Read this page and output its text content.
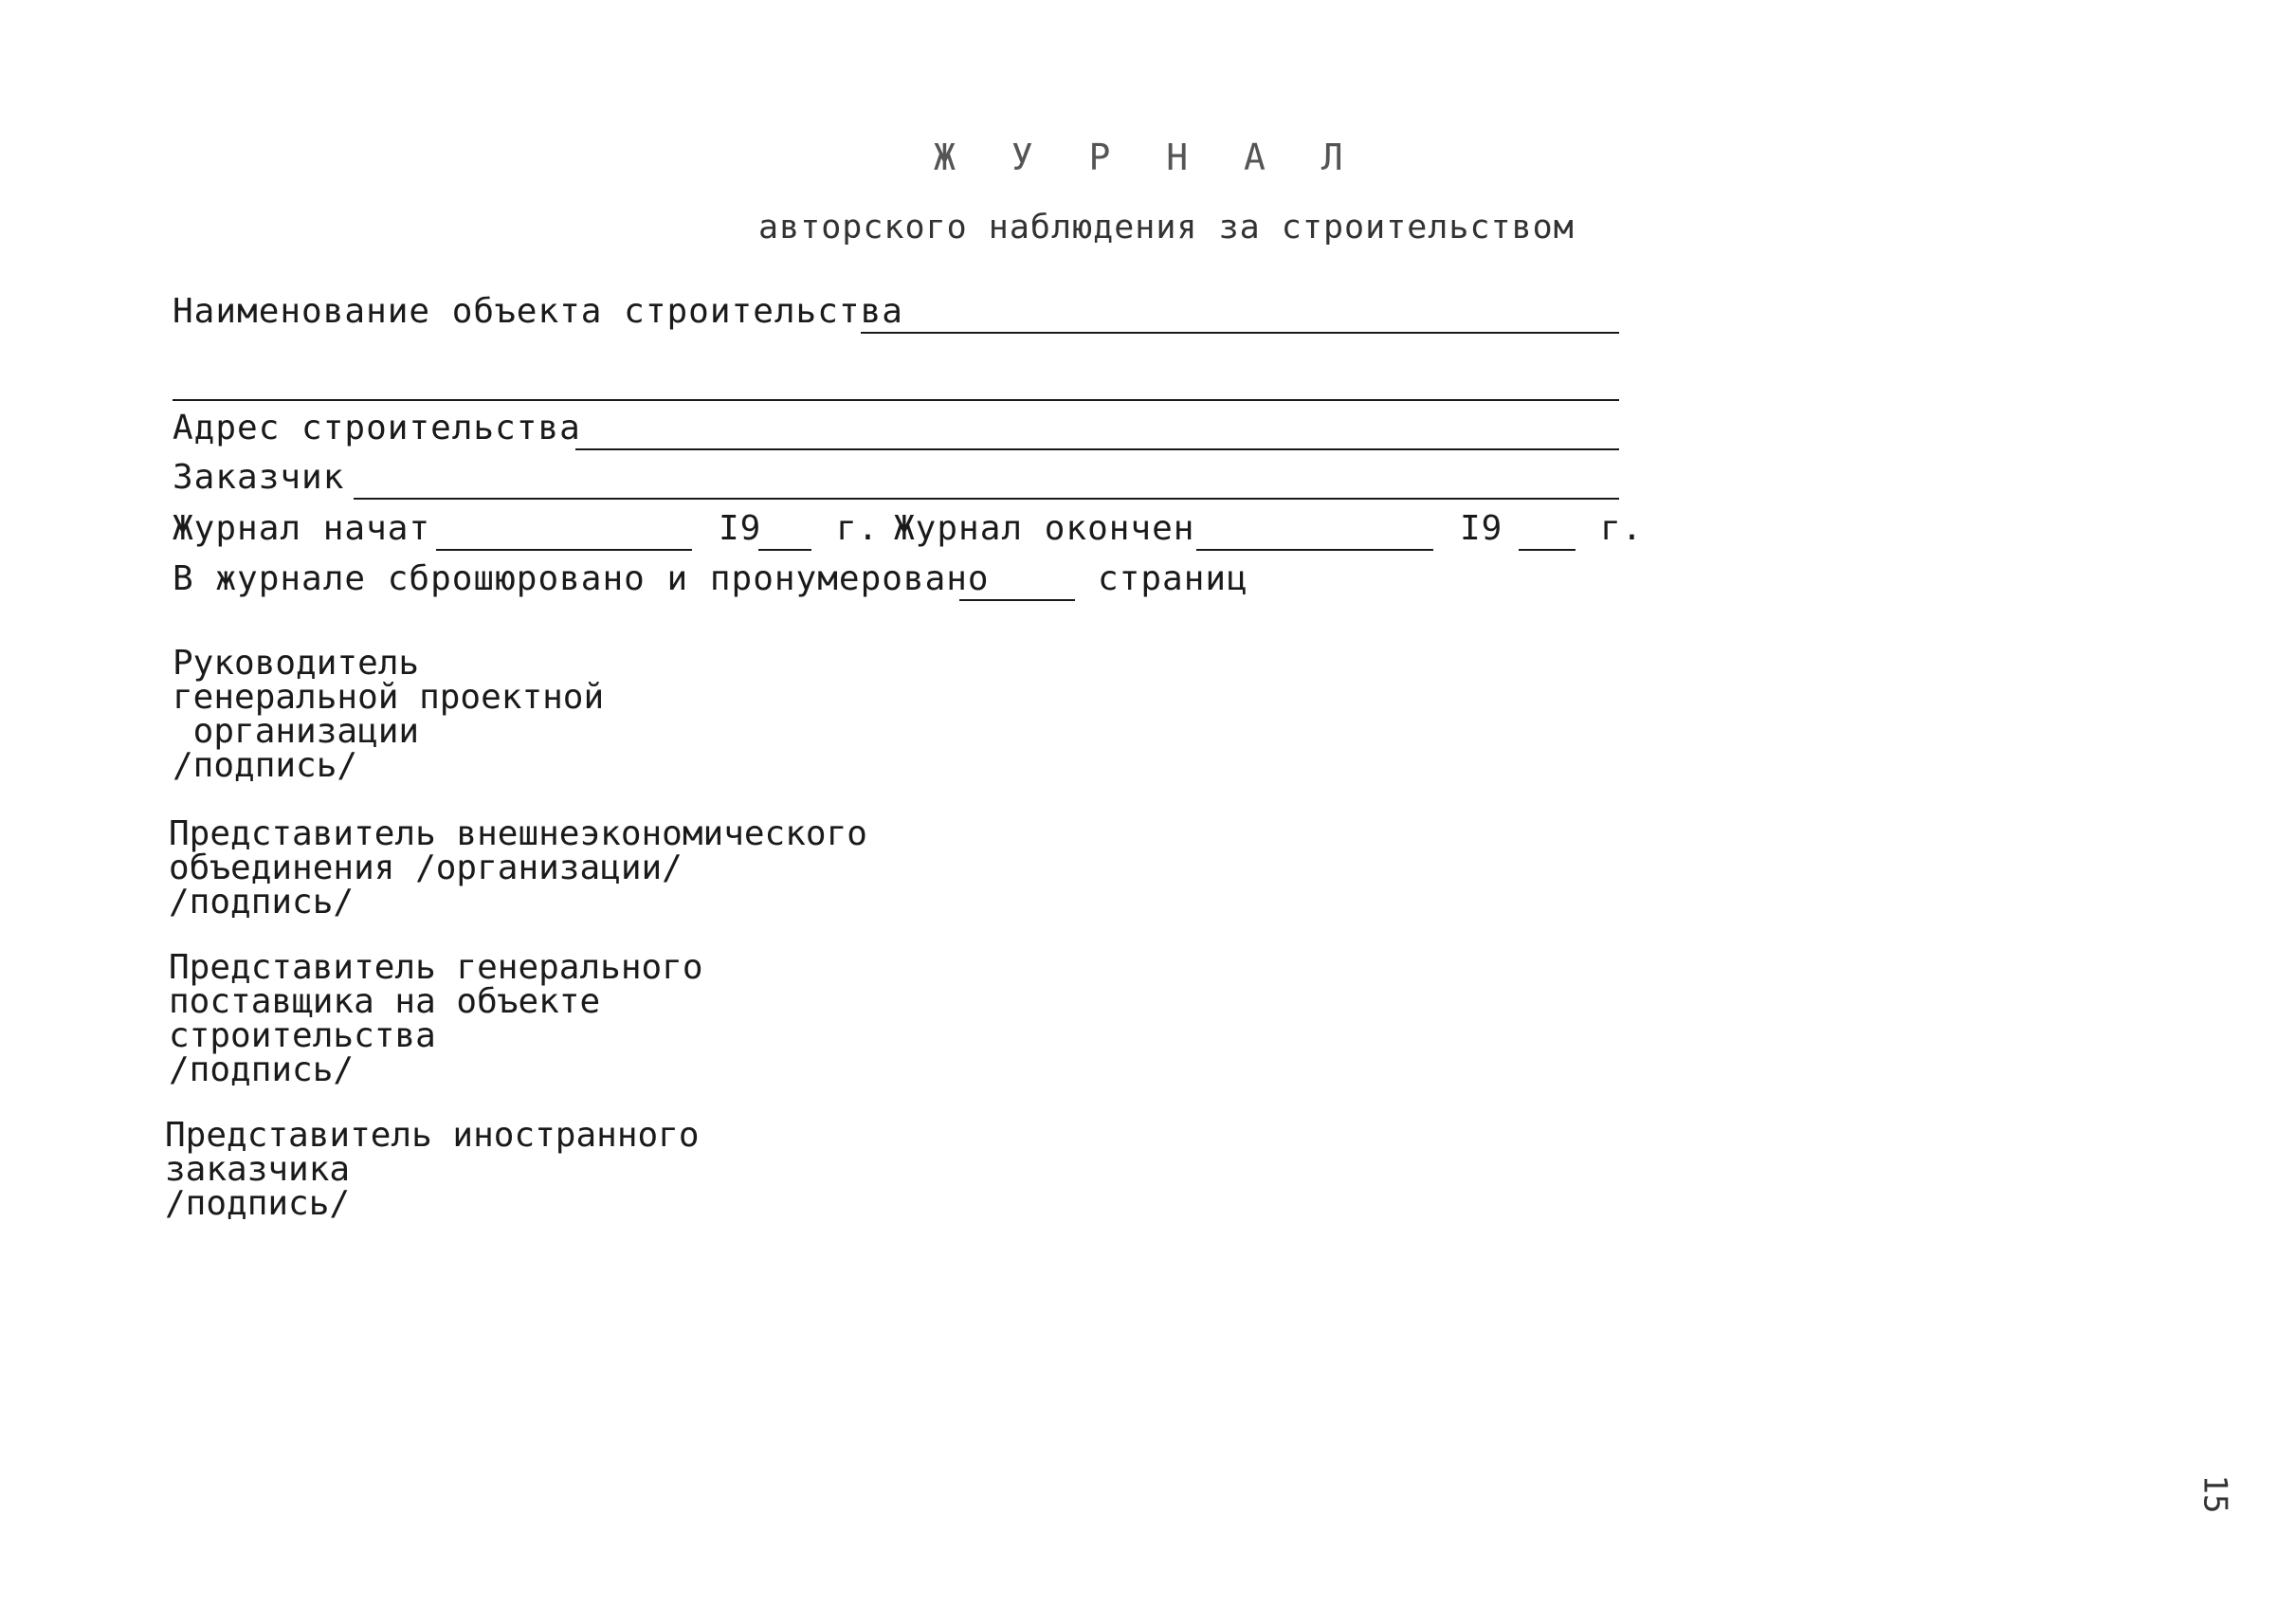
Ж У Р Н А Л
авторского наблюдения за строительством
Наименование объекта строительства
Адрес строительства
Заказчик
Журнал начат	I9 г. Журнал окончен	I9	г.
В журнале сброшюровано и пронумеровано	страниц
Руководитель
генеральной проектной
организации
/подпись/
Представитель внешнеэкономического
объединения /организации/
/подпись/
Представитель генерального
поставщика на объекте
строительства
/подпись/
Представитель иностранного
заказчика
/подпись/
15
